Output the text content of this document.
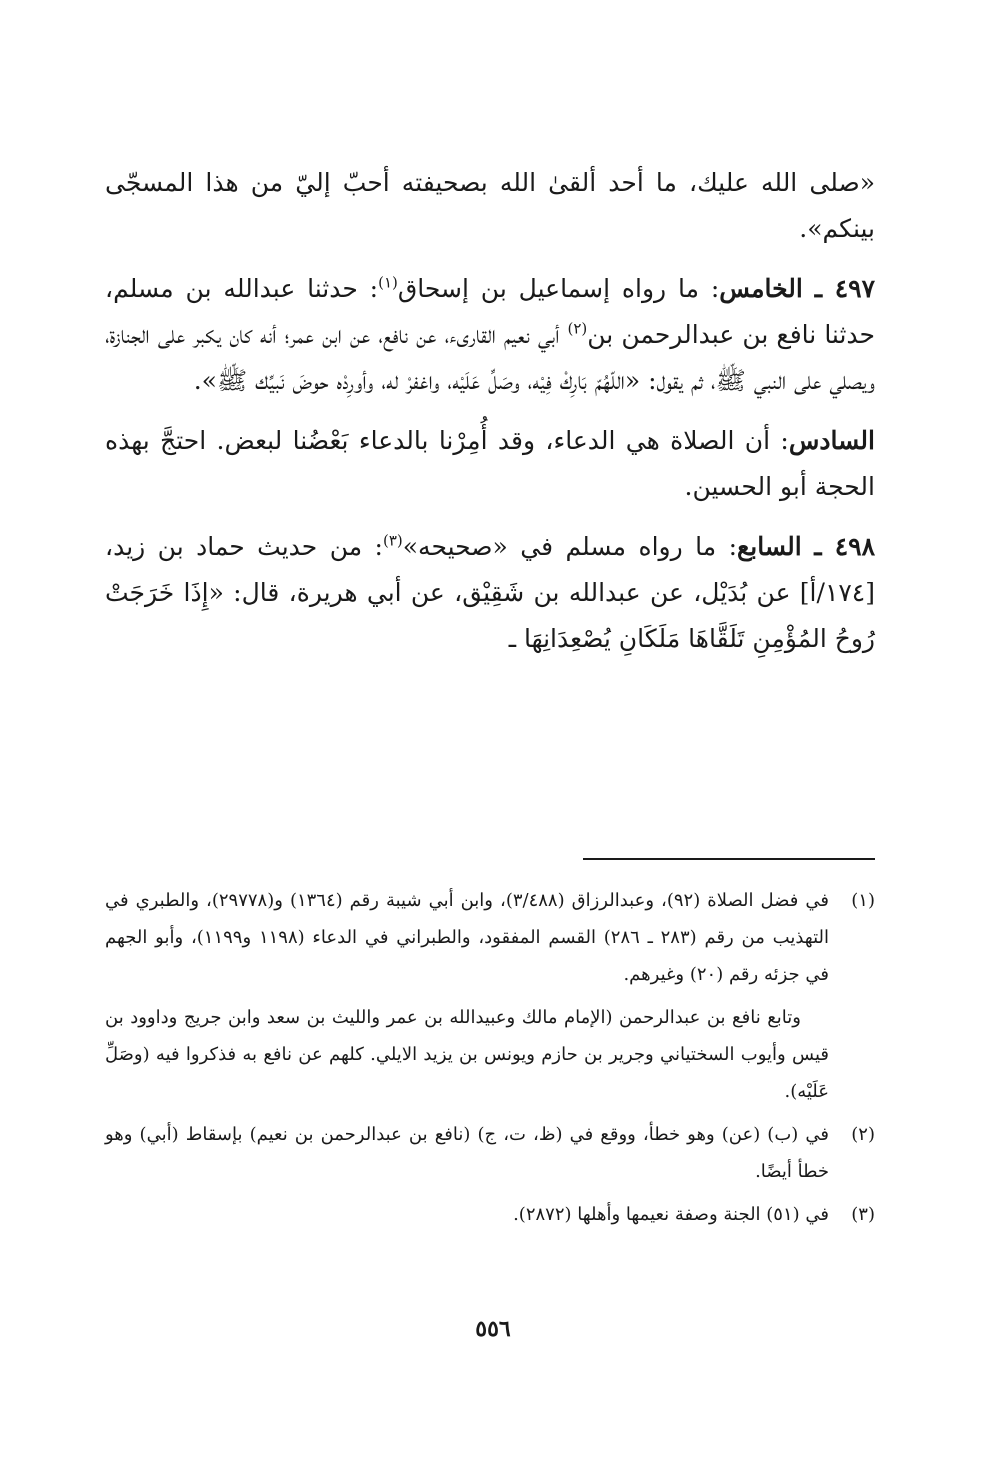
«صلى الله عليك، ما أحد ألقىٰ الله بصحيفته أحبّ إليّ من هذا المسجّى بينكم».

٤٩٧ ـ الخامس: ما رواه إسماعيل بن إسحاق$^{(١)}$: حدثنا عبدالله بن مسلم، حدثنا نافع بن عبدالرحمن بن$^{(٢)}$ أبي نعيم القارىء، عن نافع، عن ابن عمر؛ أنه كان يكبر على الجنازة، ويصلي على النبي ﷺ، ثم يقول: «اللّهُمّ بَارِكْ فِيْه، وصَلِّ عَلَيْه، واغفرْ له، وأورِدْه حوضَ نَبيِّك ﷺ».

السادس: أن الصلاة هي الدعاء، وقد أُمِرْنا بالدعاء بَعْضُنا لبعض. احتجَّ بهذه الحجة أبو الحسين.

٤٩٨ ـ السابع: ما رواه مسلم في «صحيحه»$^{(٣)}$: من حديث حماد بن زيد، [١٧٤/أ] عن بُدَيْل، عن عبدالله بن شَقِيْق، عن أبي هريرة، قال: «إِذَا خَرَجَتْ رُوحُ المُؤْمِنِ تَلَقَّاهَا مَلَكَانِ يُصْعِدَانِهَا ـ

(١)
في فضل الصلاة (٩٢)، وعبدالرزاق (٣/٤٨٨)، وابن أبي شيبة رقم (١٣٦٤) و(٢٩٧٧٨)، والطبري في التهذيب من رقم (٢٨٣ ـ ٢٨٦) القسم المفقود، والطبراني في الدعاء (١١٩٨ و١١٩٩)، وأبو الجهم في جزئه رقم (٢٠) وغيرهم.
وتابع نافع بن عبدالرحمن (الإمام مالك وعبيدالله بن عمر والليث بن سعد وابن جريج وداوود بن قيس وأيوب السختياني وجرير بن حازم ويونس بن يزيد الايلي. كلهم عن نافع به فذكروا فيه (وصَلِّ عَلَيْه).
(٢)
في (ب) (عن) وهو خطأ، ووقع في (ظ، ت، ج) (نافع بن عبدالرحمن بن نعيم) بإسقاط (أبي) وهو خطأ أيضًا.
(٣)
في (٥١) الجنة وصفة نعيمها وأهلها (٢٨٧٢).
٥٥٦
